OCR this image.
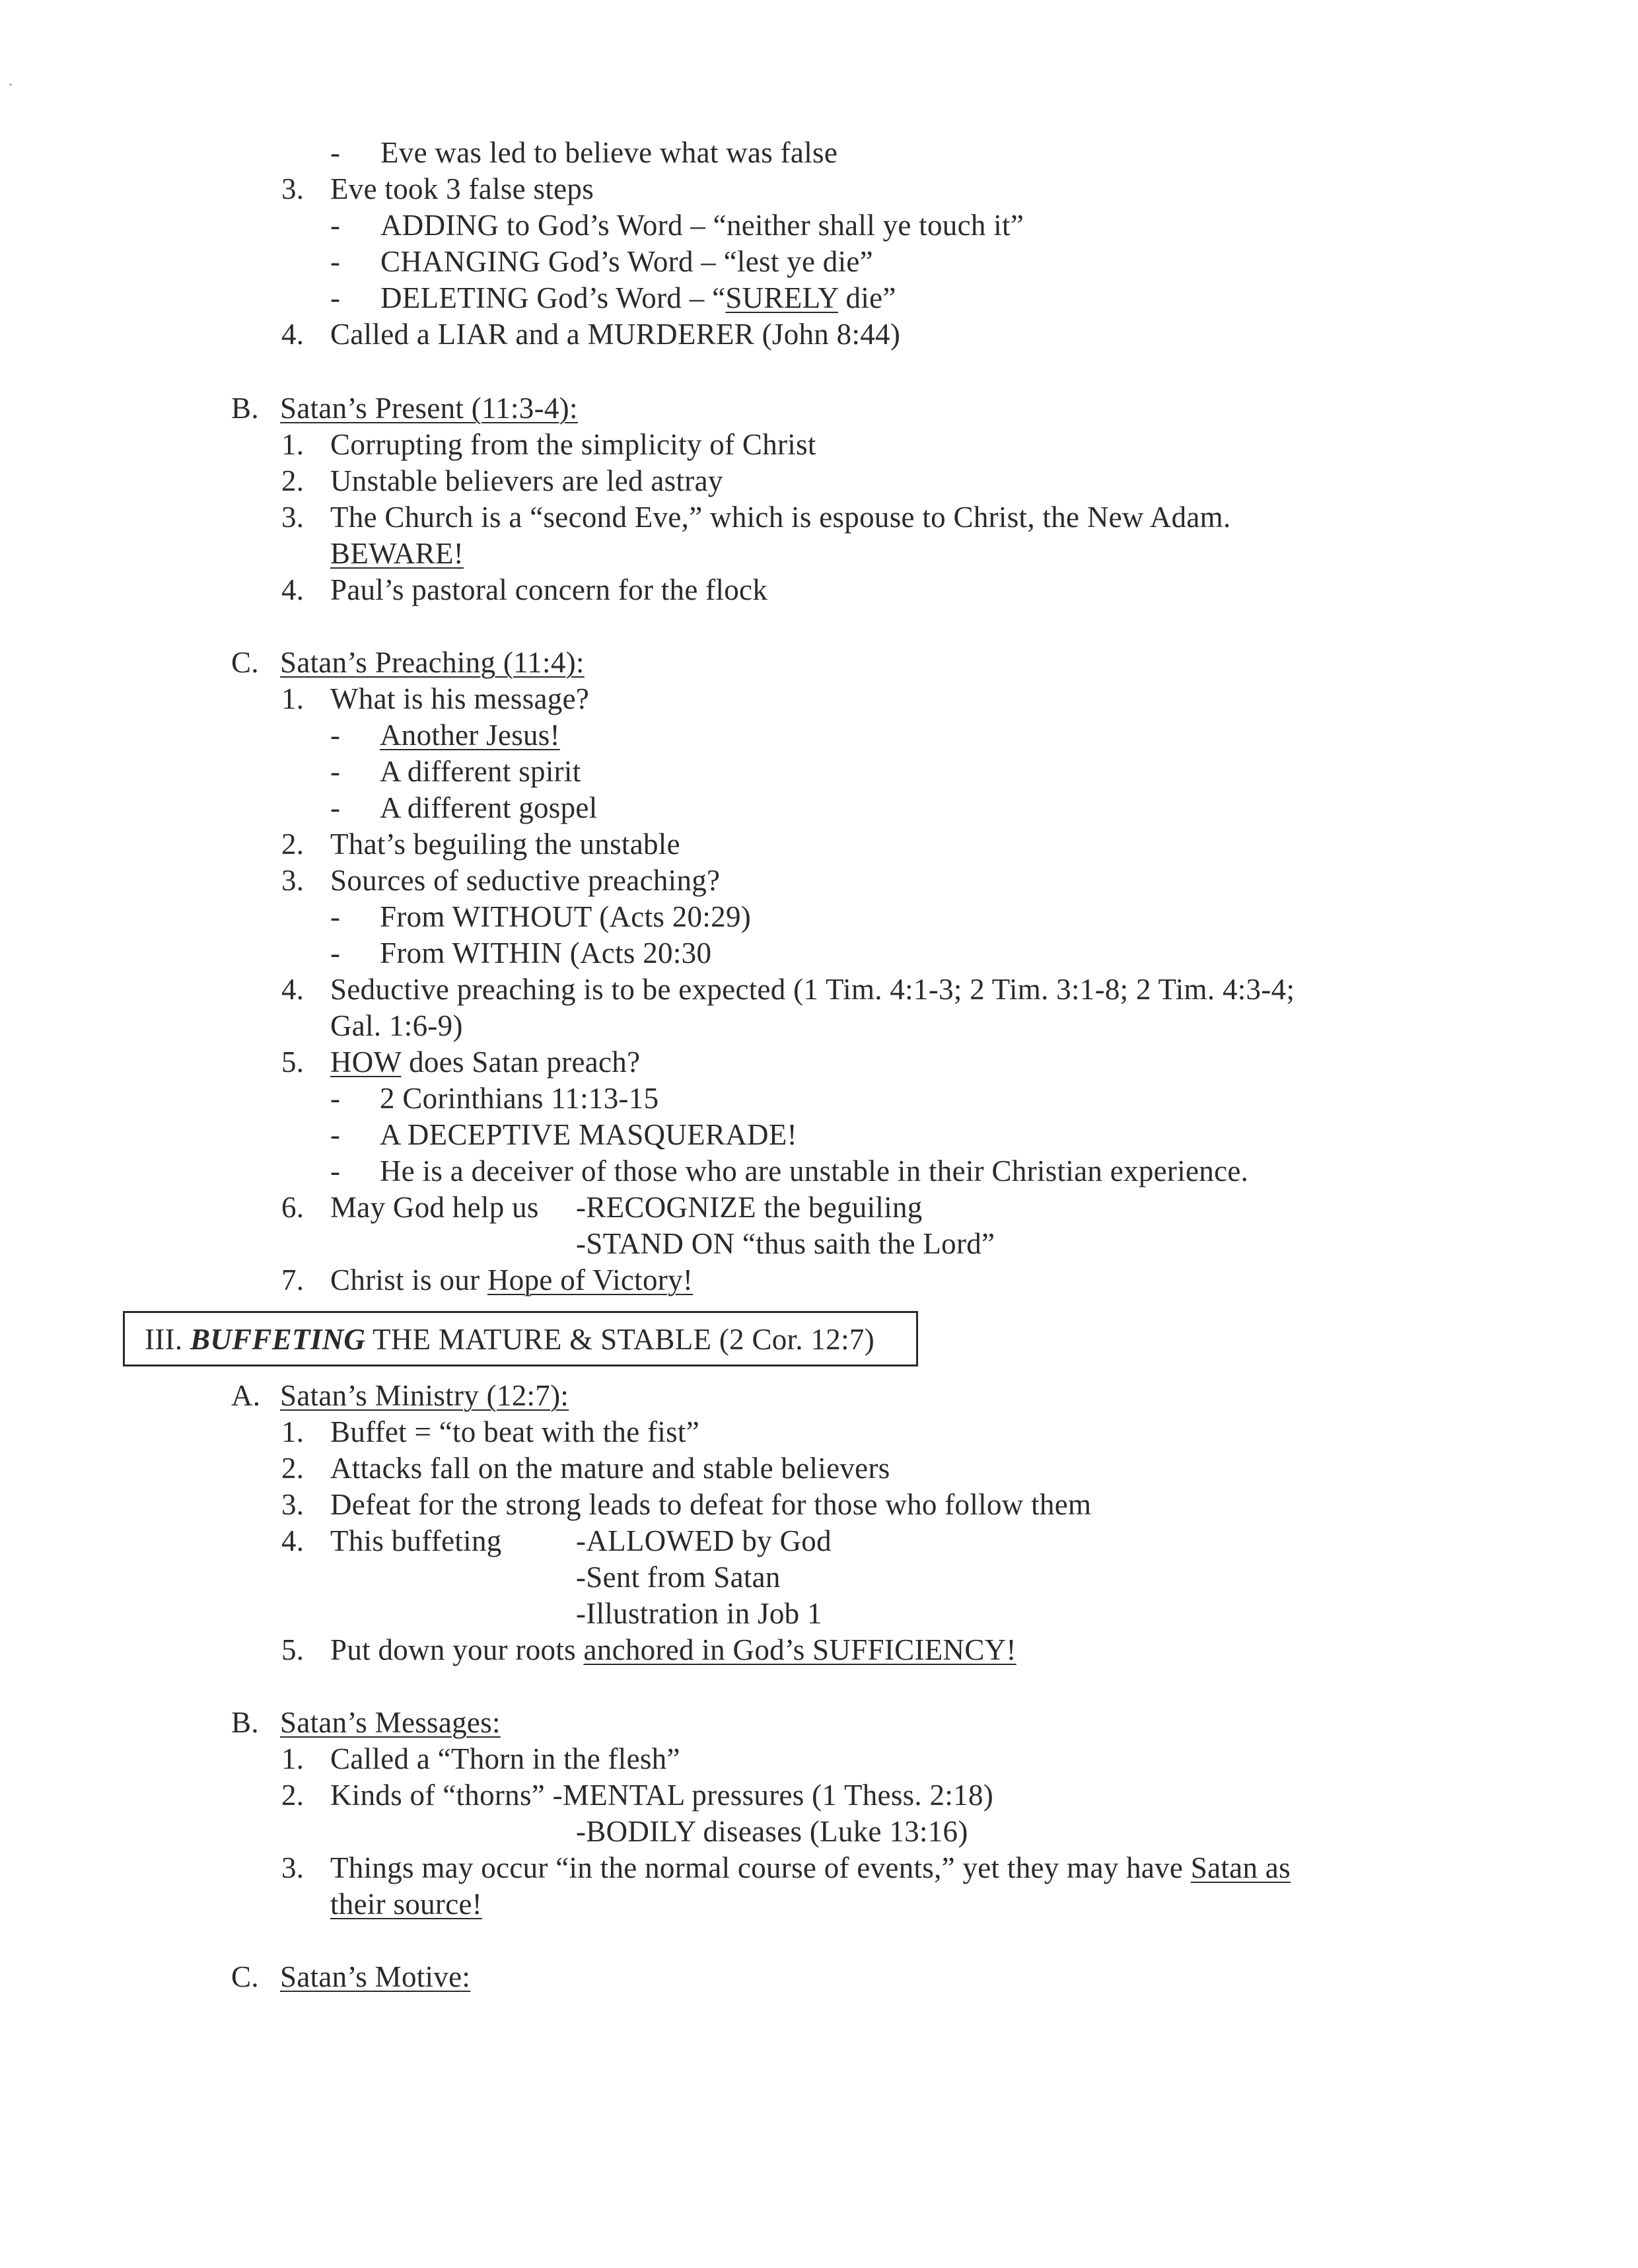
- Eve was led to believe what was false
3. Eve took 3 false steps
- ADDING to God’s Word – “neither shall ye touch it”
- CHANGING God’s Word – “lest ye die”
- DELETING God’s Word – “SURELY die”
4. Called a LIAR and a MURDERER (John 8:44)
B. Satan’s Present (11:3-4):
1. Corrupting from the simplicity of Christ
2. Unstable believers are led astray
3. The Church is a “second Eve,” which is espouse to Christ, the New Adam.
BEWARE!
4. Paul’s pastoral concern for the flock
C. Satan’s Preaching (11:4):
1. What is his message?
- Another Jesus!
- A different spirit
- A different gospel
2. That’s beguiling the unstable
3. Sources of seductive preaching?
- From WITHOUT (Acts 20:29)
- From WITHIN (Acts 20:30
4. Seductive preaching is to be expected (1 Tim. 4:1-3; 2 Tim. 3:1-8; 2 Tim. 4:3-4;
Gal. 1:6-9)
5. HOW does Satan preach?
- 2 Corinthians 11:13-15
- A DECEPTIVE MASQUERADE!
- He is a deceiver of those who are unstable in their Christian experience.
6. May God help us -RECOGNIZE the beguiling
-STAND ON “thus saith the Lord”
7. Christ is our Hope of Victory!
III. BUFFETING THE MATURE & STABLE (2 Cor. 12:7)
A. Satan’s Ministry (12:7):
1. Buffet = “to beat with the fist”
2. Attacks fall on the mature and stable believers
3. Defeat for the strong leads to defeat for those who follow them
4. This buffeting -ALLOWED by God
-Sent from Satan
-Illustration in Job 1
5. Put down your roots anchored in God’s SUFFICIENCY!
B. Satan’s Messages:
1. Called a “Thorn in the flesh”
2. Kinds of “thorns” -MENTAL pressures (1 Thess. 2:18)
-BODILY diseases (Luke 13:16)
3. Things may occur “in the normal course of events,” yet they may have Satan as
their source!
C. Satan’s Motive:
